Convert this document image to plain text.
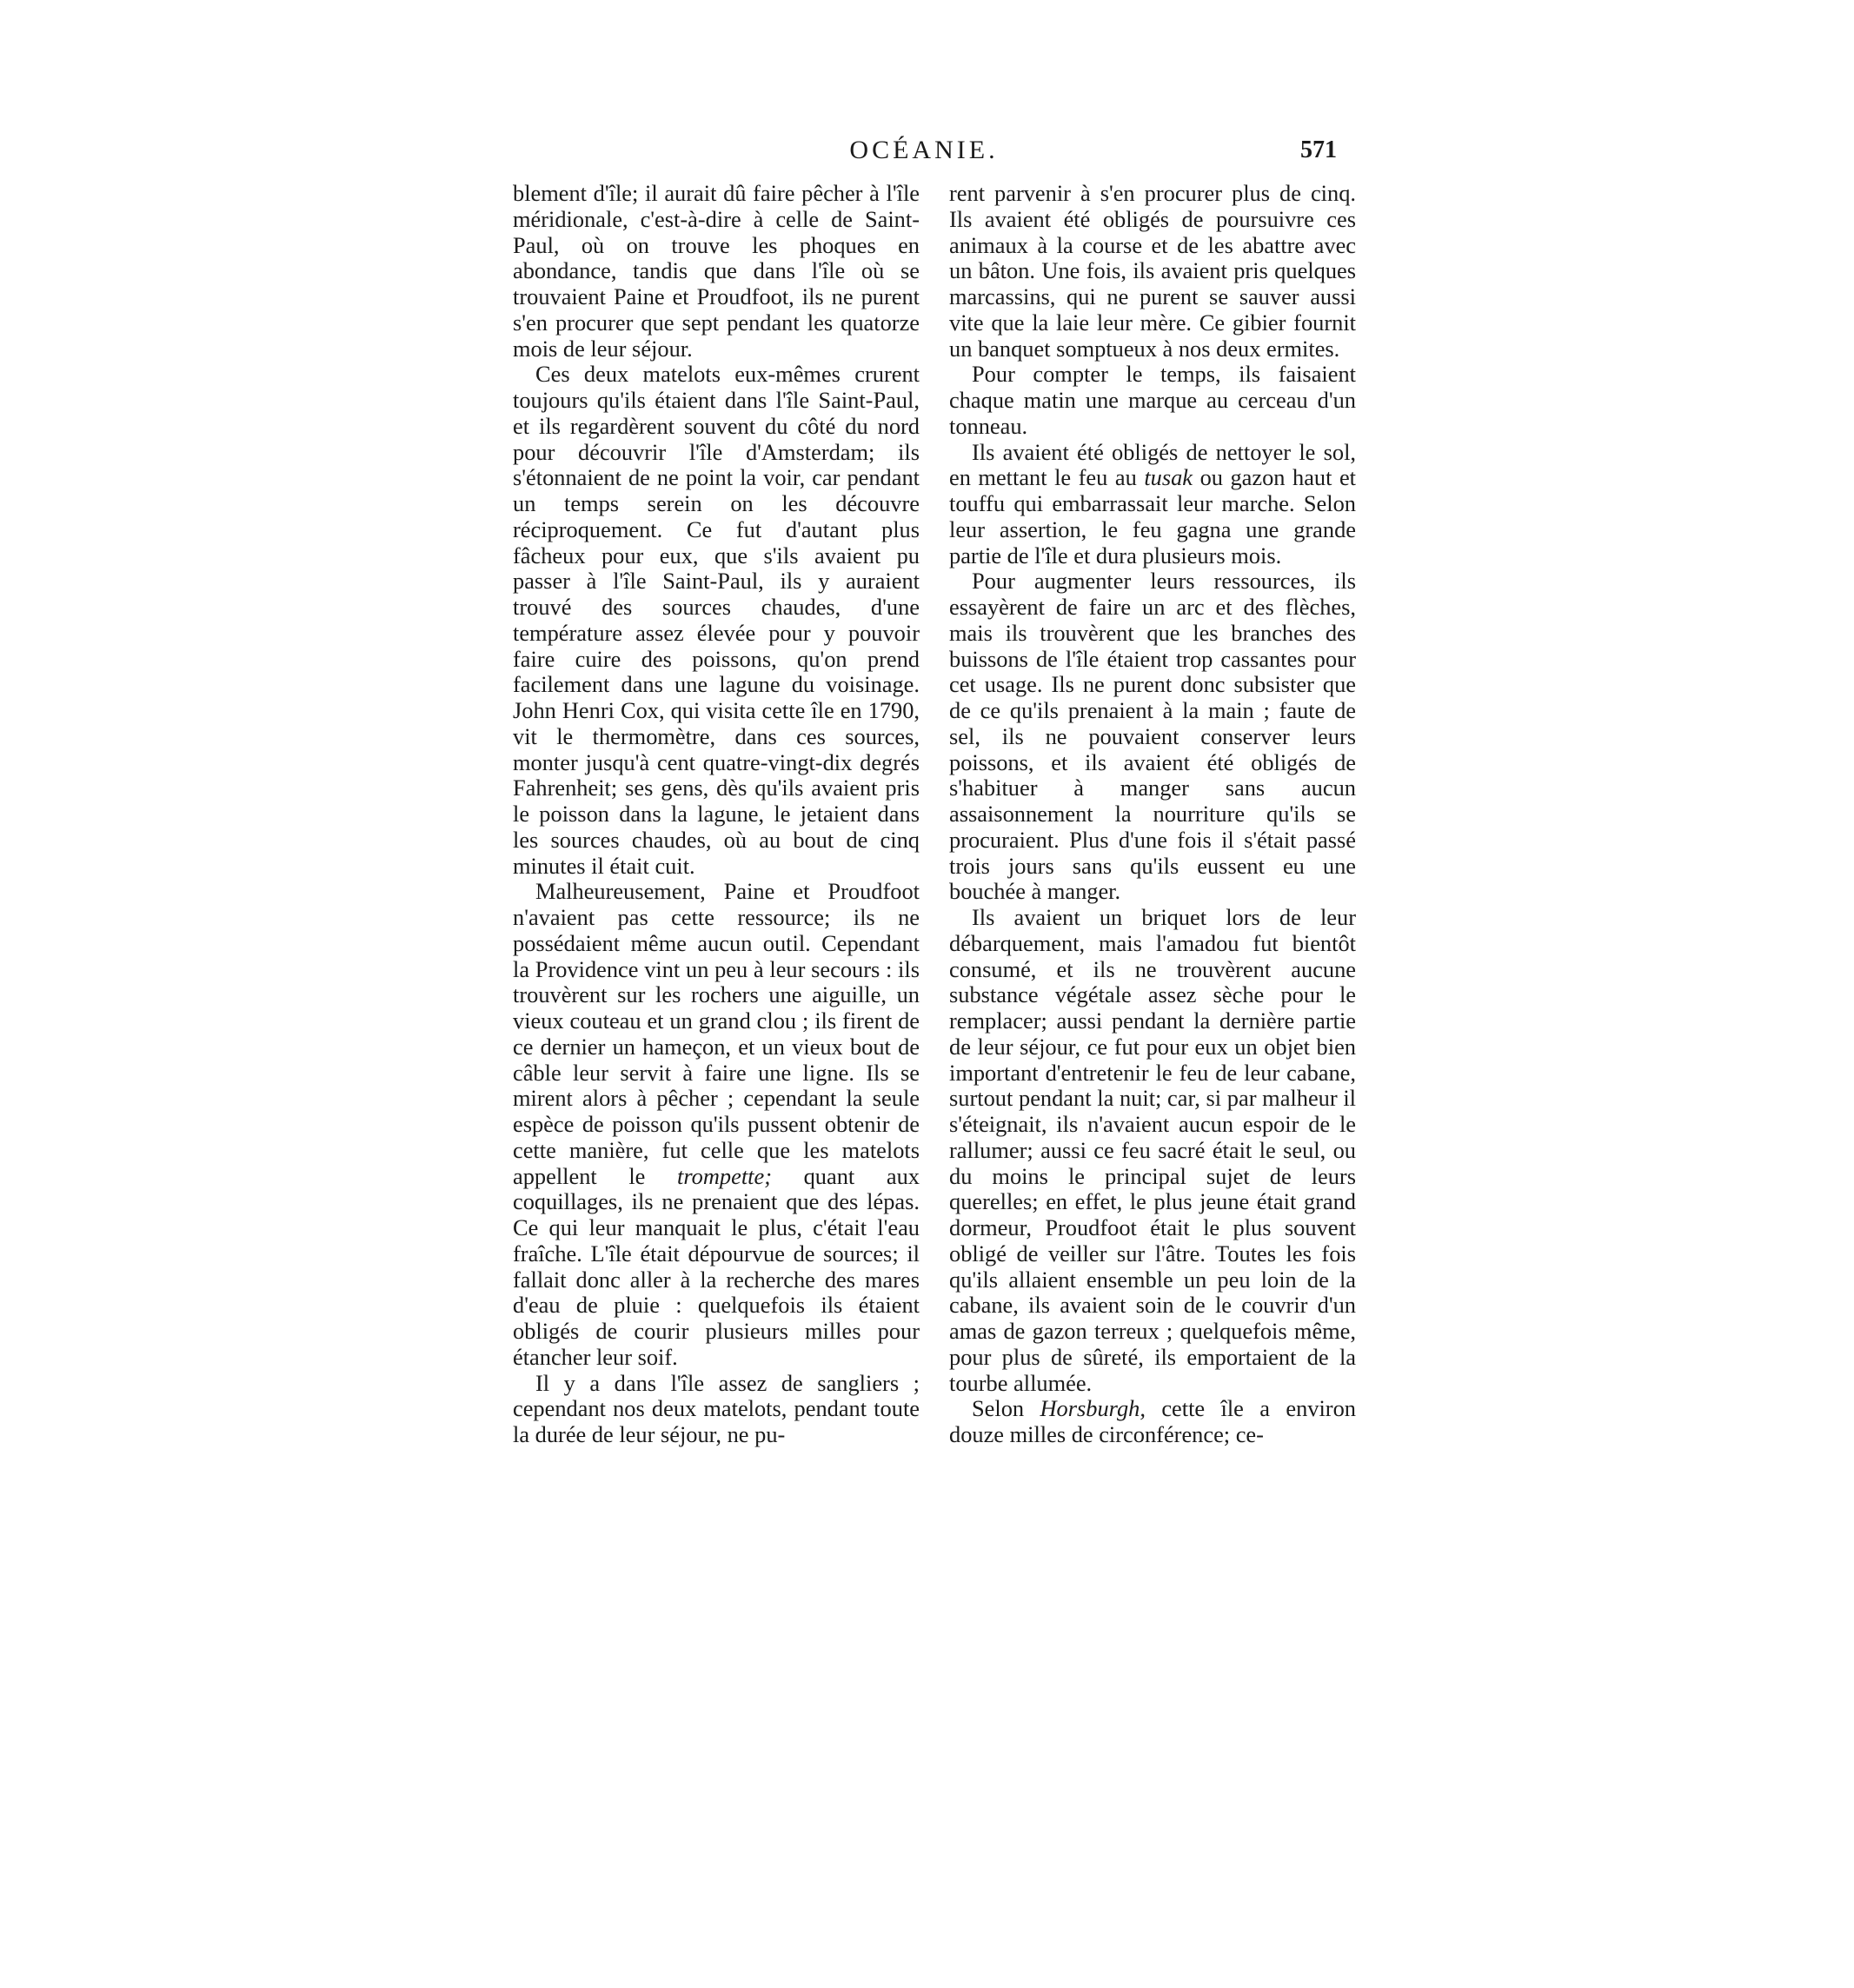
OCÉANIE.	571

blement d'île; il aurait dû faire pêcher à l'île méridionale, c'est-à-dire à celle de Saint-Paul, où on trouve les phoques en abondance, tandis que dans l'île où se trouvaient Paine et Proudfoot, ils ne purent s'en procurer que sept pendant les quatorze mois de leur séjour.

Ces deux matelots eux-mêmes crurent toujours qu'ils étaient dans l'île Saint-Paul, et ils regardèrent souvent du côté du nord pour découvrir l'île d'Amsterdam; ils s'étonnaient de ne point la voir, car pendant un temps serein on les découvre réciproquement. Ce fut d'autant plus fâcheux pour eux, que s'ils avaient pu passer à l'île Saint-Paul, ils y auraient trouvé des sources chaudes, d'une température assez élevée pour y pouvoir faire cuire des poissons, qu'on prend facilement dans une lagune du voisinage. John Henri Cox, qui visita cette île en 1790, vit le thermomètre, dans ces sources, monter jusqu'à cent quatre-vingt-dix degrés Fahrenheit; ses gens, dès qu'ils avaient pris le poisson dans la lagune, le jetaient dans les sources chaudes, où au bout de cinq minutes il était cuit.

Malheureusement, Paine et Proudfoot n'avaient pas cette ressource; ils ne possédaient même aucun outil. Cependant la Providence vint un peu à leur secours : ils trouvèrent sur les rochers une aiguille, un vieux couteau et un grand clou ; ils firent de ce dernier un hameçon, et un vieux bout de câble leur servit à faire une ligne. Ils se mirent alors à pêcher ; cependant la seule espèce de poisson qu'ils pussent obtenir de cette manière, fut celle que les matelots appellent le trompette; quant aux coquillages, ils ne prenaient que des lépas. Ce qui leur manquait le plus, c'était l'eau fraîche. L'île était dépourvue de sources; il fallait donc aller à la recherche des mares d'eau de pluie : quelquefois ils étaient obligés de courir plusieurs milles pour étancher leur soif.

Il y a dans l'île assez de sangliers ; cependant nos deux matelots, pendant toute la durée de leur séjour, ne pu-

rent parvenir à s'en procurer plus de cinq. Ils avaient été obligés de poursuivre ces animaux à la course et de les abattre avec un bâton. Une fois, ils avaient pris quelques marcassins, qui ne purent se sauver aussi vite que la laie leur mère. Ce gibier fournit un banquet somptueux à nos deux ermites.

Pour compter le temps, ils faisaient chaque matin une marque au cerceau d'un tonneau.

Ils avaient été obligés de nettoyer le sol, en mettant le feu au tusak ou gazon haut et touffu qui embarrassait leur marche. Selon leur assertion, le feu gagna une grande partie de l'île et dura plusieurs mois.

Pour augmenter leurs ressources, ils essayèrent de faire un arc et des flèches, mais ils trouvèrent que les branches des buissons de l'île étaient trop cassantes pour cet usage. Ils ne purent donc subsister que de ce qu'ils prenaient à la main ; faute de sel, ils ne pouvaient conserver leurs poissons, et ils avaient été obligés de s'habituer à manger sans aucun assaisonnement la nourriture qu'ils se procuraient. Plus d'une fois il s'était passé trois jours sans qu'ils eussent eu une bouchée à manger.

Ils avaient un briquet lors de leur débarquement, mais l'amadou fut bientôt consumé, et ils ne trouvèrent aucune substance végétale assez sèche pour le remplacer; aussi pendant la dernière partie de leur séjour, ce fut pour eux un objet bien important d'entretenir le feu de leur cabane, surtout pendant la nuit; car, si par malheur il s'éteignait, ils n'avaient aucun espoir de le rallumer; aussi ce feu sacré était le seul, ou du moins le principal sujet de leurs querelles; en effet, le plus jeune était grand dormeur, Proudfoot était le plus souvent obligé de veiller sur l'âtre. Toutes les fois qu'ils allaient ensemble un peu loin de la cabane, ils avaient soin de le couvrir d'un amas de gazon terreux ; quelquefois même, pour plus de sûreté, ils emportaient de la tourbe allumée.

Selon Horsburgh, cette île a environ douze milles de circonférence; ce-
